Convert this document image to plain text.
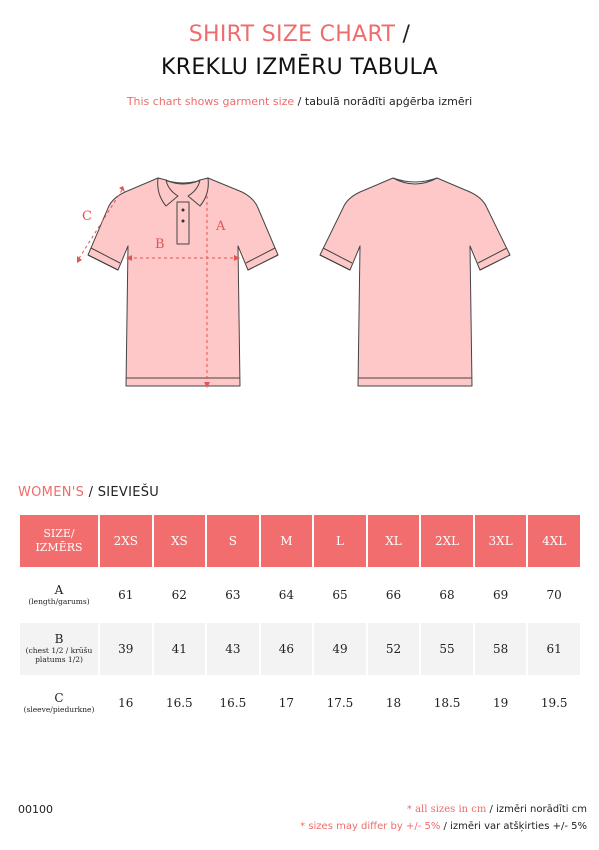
SHIRT SIZE CHART /
KREKLU IZMĒRU TABULA
This chart shows garment size / tabulā norādīti apģērba izmēri
A
B
C
WOMEN'S / SIEVIEŠU
SIZE/
IZMĒRS	2XS	XS	S	M	L	XL	2XL	3XL	4XL

A
(length/garums)	61	62	63	64	65	66	68	69	70

B
(chest 1/2 / krūšu platums 1/2)	39	41	43	46	49	52	55	58	61

C
(sleeve/piedurkne)	16	16.5	16.5	17	17.5	18	18.5	19	19.5
00100	* all sizes in cm / izmēri norādīti cm
* sizes may differ by +/- 5% / izmēri var atšķirties +/- 5%
